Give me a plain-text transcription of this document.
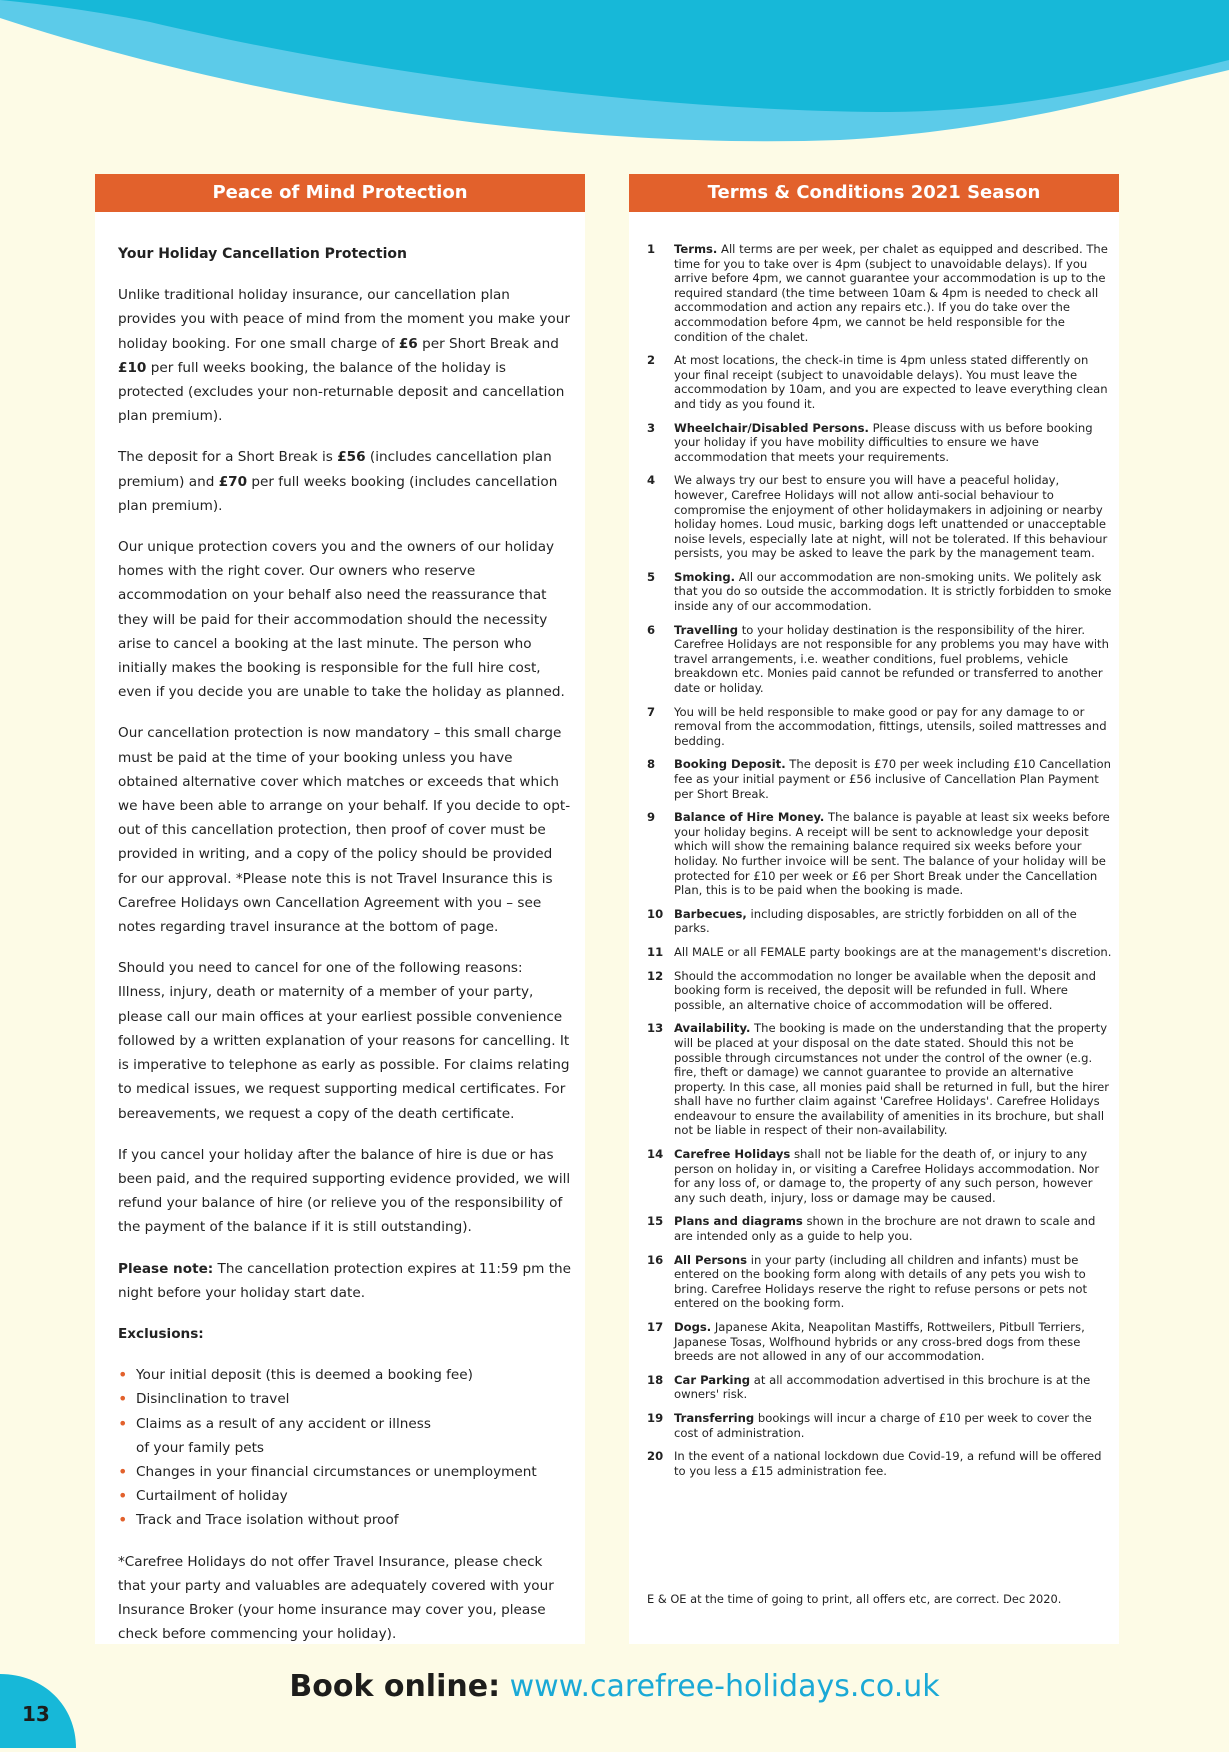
Peace of Mind Protection
Your Holiday Cancellation Protection

Unlike traditional holiday insurance, our cancellation plan provides you with peace of mind from the moment you make your holiday booking. For one small charge of £6 per Short Break and £10 per full weeks booking, the balance of the holiday is protected (excludes your non-returnable deposit and cancellation plan premium).

The deposit for a Short Break is £56 (includes cancellation plan premium) and £70 per full weeks booking (includes cancellation plan premium).

Our unique protection covers you and the owners of our holiday homes with the right cover. Our owners who reserve accommodation on your behalf also need the reassurance that they will be paid for their accommodation should the necessity arise to cancel a booking at the last minute. The person who initially makes the booking is responsible for the full hire cost, even if you decide you are unable to take the holiday as planned.

Our cancellation protection is now mandatory – this small charge must be paid at the time of your booking unless you have obtained alternative cover which matches or exceeds that which we have been able to arrange on your behalf. If you decide to opt-out of this cancellation protection, then proof of cover must be provided in writing, and a copy of the policy should be provided for our approval. *Please note this is not Travel Insurance this is Carefree Holidays own Cancellation Agreement with you – see notes regarding travel insurance at the bottom of page.

Should you need to cancel for one of the following reasons: Illness, injury, death or maternity of a member of your party, please call our main offices at your earliest possible convenience followed by a written explanation of your reasons for cancelling. It is imperative to telephone as early as possible. For claims relating to medical issues, we request supporting medical certificates. For bereavements, we request a copy of the death certificate.

If you cancel your holiday after the balance of hire is due or has been paid, and the required supporting evidence provided, we will refund your balance of hire (or relieve you of the responsibility of the payment of the balance if it is still outstanding).

Please note: The cancellation protection expires at 11:59 pm the night before your holiday start date.

Exclusions:

• Your initial deposit (this is deemed a booking fee)
• Disinclination to travel
• Claims as a result of any accident or illness of your family pets
• Changes in your financial circumstances or unemployment
• Curtailment of holiday
• Track and Trace isolation without proof

*Carefree Holidays do not offer Travel Insurance, please check that your party and valuables are adequately covered with your Insurance Broker (your home insurance may cover you, please check before commencing your holiday).

Terms & Conditions 2021 Season
1 Terms. All terms are per week, per chalet as equipped and described. The time for you to take over is 4pm (subject to unavoidable delays). If you arrive before 4pm, we cannot guarantee your accommodation is up to the required standard (the time between 10am & 4pm is needed to check all accommodation and action any repairs etc.). If you do take over the accommodation before 4pm, we cannot be held responsible for the condition of the chalet.
2 At most locations, the check-in time is 4pm unless stated differently on your final receipt (subject to unavoidable delays). You must leave the accommodation by 10am, and you are expected to leave everything clean and tidy as you found it.
3 Wheelchair/Disabled Persons. Please discuss with us before booking your holiday if you have mobility difficulties to ensure we have accommodation that meets your requirements.
4 We always try our best to ensure you will have a peaceful holiday, however, Carefree Holidays will not allow anti-social behaviour to compromise the enjoyment of other holidaymakers in adjoining or nearby holiday homes. Loud music, barking dogs left unattended or unacceptable noise levels, especially late at night, will not be tolerated. If this behaviour persists, you may be asked to leave the park by the management team.
5 Smoking. All our accommodation are non-smoking units. We politely ask that you do so outside the accommodation. It is strictly forbidden to smoke inside any of our accommodation.
6 Travelling to your holiday destination is the responsibility of the hirer. Carefree Holidays are not responsible for any problems you may have with travel arrangements, i.e. weather conditions, fuel problems, vehicle breakdown etc. Monies paid cannot be refunded or transferred to another date or holiday.
7 You will be held responsible to make good or pay for any damage to or removal from the accommodation, fittings, utensils, soiled mattresses and bedding.
8 Booking Deposit. The deposit is £70 per week including £10 Cancellation fee as your initial payment or £56 inclusive of Cancellation Plan Payment per Short Break.
9 Balance of Hire Money. The balance is payable at least six weeks before your holiday begins. A receipt will be sent to acknowledge your deposit which will show the remaining balance required six weeks before your holiday. No further invoice will be sent. The balance of your holiday will be protected for £10 per week or £6 per Short Break under the Cancellation Plan, this is to be paid when the booking is made.
10 Barbecues, including disposables, are strictly forbidden on all of the parks.
11 All MALE or all FEMALE party bookings are at the management's discretion.
12 Should the accommodation no longer be available when the deposit and booking form is received, the deposit will be refunded in full. Where possible, an alternative choice of accommodation will be offered.
13 Availability. The booking is made on the understanding that the property will be placed at your disposal on the date stated. Should this not be possible through circumstances not under the control of the owner (e.g. fire, theft or damage) we cannot guarantee to provide an alternative property. In this case, all monies paid shall be returned in full, but the hirer shall have no further claim against 'Carefree Holidays'. Carefree Holidays endeavour to ensure the availability of amenities in its brochure, but shall not be liable in respect of their non-availability.
14 Carefree Holidays shall not be liable for the death of, or injury to any person on holiday in, or visiting a Carefree Holidays accommodation. Nor for any loss of, or damage to, the property of any such person, however any such death, injury, loss or damage may be caused.
15 Plans and diagrams shown in the brochure are not drawn to scale and are intended only as a guide to help you.
16 All Persons in your party (including all children and infants) must be entered on the booking form along with details of any pets you wish to bring. Carefree Holidays reserve the right to refuse persons or pets not entered on the booking form.
17 Dogs. Japanese Akita, Neapolitan Mastiffs, Rottweilers, Pitbull Terriers, Japanese Tosas, Wolfhound hybrids or any cross-bred dogs from these breeds are not allowed in any of our accommodation.
18 Car Parking at all accommodation advertised in this brochure is at the owners' risk.
19 Transferring bookings will incur a charge of £10 per week to cover the cost of administration.
20 In the event of a national lockdown due Covid-19, a refund will be offered to you less a £15 administration fee.
E & OE at the time of going to print, all offers etc, are correct. Dec 2020.
Book online: www.carefree-holidays.co.uk
13
